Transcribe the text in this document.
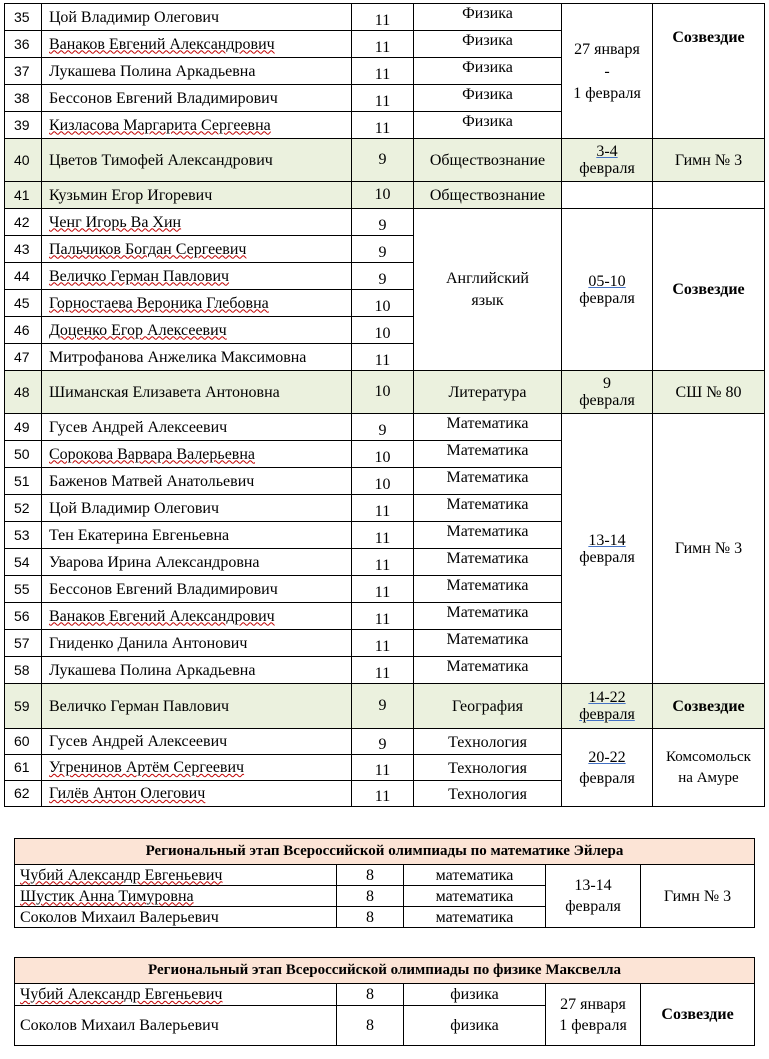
35	Цой Владимир Олегович	11	Физика	27 января
-
1 февраля	Созвездие
36	Ванаков Евгений Александрович	11	Физика		
37	Лукашева Полина Аркадьевна	11	Физика		
38	Бессонов Евгений Владимирович	11	Физика		
39	Кизласова Маргарита Сергеевна	11	Физика		
40	Цветов Тимофей Александрович	9	Обществознание	3-4
февраля	Гимн № 3
41	Кузьмин Егор Игоревич	10	Обществознание		
42	Ченг Игорь Ва Хин	9	Английский
язык	05-10
февраля	Созвездие
43	Пальчиков Богдан Сергеевич	9			
44	Величко Герман Павлович	9			
45	Горностаева Вероника Глебовна	10			
46	Доценко Егор Алексеевич	10			
47	Митрофанова Анжелика Максимовна	11			
48	Шиманская Елизавета Антоновна	10	Литература	9
февраля	СШ № 80
49	Гусев Андрей Алексеевич	9	Математика	13-14
февраля	Гимн № 3
50	Сорокова Варвара Валерьевна	10	Математика		
51	Баженов Матвей Анатольевич	10	Математика		
52	Цой Владимир Олегович	11	Математика		
53	Тен Екатерина Евгеньевна	11	Математика		
54	Уварова Ирина Александровна	11	Математика		
55	Бессонов Евгений Владимирович	11	Математика		
56	Ванаков Евгений Александрович	11	Математика		
57	Гниденко Данила Антонович	11	Математика		
58	Лукашева Полина Аркадьевна	11	Математика		
59	Величко Герман Павлович	9	География	14-22
февраля	Созвездие
60	Гусев Андрей Алексеевич	9	Технология	20-22
февраля	Комсомольск
на Амуре

61	Угренинов Артём Сергеевич	11	Технология		
62	Гилёв Антон Олегович	11	Технология		
Региональный этап Всероссийской олимпиады по математике Эйлера				
Чубий Александр Евгеньевич	8	математика	13-14
февраля	Гимн № 3
Шустик Анна Тимуровна	8	математика		
Соколов Михаил Валерьевич	8	математика		
Региональный этап Всероссийской олимпиады по физике Максвелла				
Чубий Александр Евгеньевич	8	физика	27 января
1 февраля	Созвездие
Соколов Михаил Валерьевич	8	физика		
